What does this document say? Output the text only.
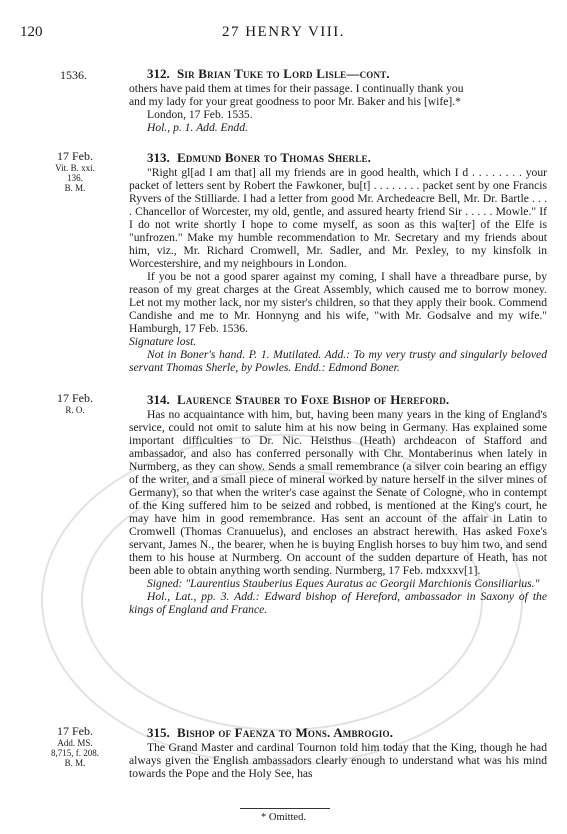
120	27 HENRY VIII.
1536.	312. Sir Brian Tuke to Lord Lisle—cont.
others have paid them at times for their passage. I continually thank you
and my lady for your great goodness to poor Mr. Baker and his [wife].*
London, 17 Feb. 1535.
Hol., p. 1. Add. Endd.
17 Feb.
Vit. B. xxi.
136.
B. M.
313. Edmund Boner to Thomas Sherle.

"Right gl[ad I am that] all my friends are in good health, which I d . . . . . . . . your packet of letters sent by Robert the Fawkoner, bu[t] . . . . . . . . packet sent by one Francis Ryvers of the Stilliarde. I had a letter from good Mr. Archedeacre Bell, Mr. Dr. Bartle . . . . Chancellor of Worcester, my old, gentle, and assured hearty friend Sir . . . . . Mowle." If I do not write shortly I hope to come myself, as soon as this wa[ter] of the Elfe is "unfrozen." Make my humble recommendation to Mr. Secretary and my friends about him, viz., Mr. Richard Cromwell, Mr. Sadler, and Mr. Pexley, to my kinsfolk in Worcestershire, and my neighbours in London.

If you be not a good sparer against my coming, I shall have a threadbare purse, by reason of my great charges at the Great Assembly, which caused me to borrow money. Let not my mother lack, nor my sister's children, so that they apply their book. Commend Candishe and me to Mr. Honnyng and his wife, "with Mr. Godsalve and my wife." Hamburgh, 17 Feb. 1536.

Signature lost.
Not in Boner's hand. P. 1. Mutilated. Add.: To my very trusty and singularly beloved servant Thomas Sherle, by Powles. Endd.: Edmond Boner.
17 Feb.
R. O.
314. Laurence Stauber to Foxe Bishop of Hereford.

Has no acquaintance with him, but, having been many years in the king of England's service, could not omit to salute him at his now being in Germany. Has explained some important difficulties to Dr. Nic. Heisthus (Heath) archdeacon of Stafford and ambassador, and also has conferred personally with Chr. Montaberinus when lately in Nurmberg, as they can show. Sends a small remembrance (a silver coin bearing an effigy of the writer, and a small piece of mineral worked by nature herself in the silver mines of Germany), so that when the writer's case against the Senate of Cologne, who in contempt of the King suffered him to be seized and robbed, is mentioned at the King's court, he may have him in good remembrance. Has sent an account of the affair in Latin to Cromwell (Thomas Cranuuelus), and encloses an abstract herewith. Has asked Foxe's servant, James N., the bearer, when he is buying English horses to buy him two, and send them to his house at Nurmberg. On account of the sudden departure of Heath, has not been able to obtain anything worth sending. Nurmberg, 17 Feb. mdxxxv[1].

Signed: "Laurentius Stauberius Eques Auratus ac Georgii Marchionis Consiliarius."
Hol., Lat., pp. 3. Add.: Edward bishop of Hereford, ambassador in Saxony of the kings of England and France.
17 Feb.
Add. MS.
8,715, f. 208.
B. M.
315. Bishop of Faenza to Mons. Ambrogio.

The Grand Master and cardinal Tournon told him today that the King, though he had always given the English ambassadors clearly enough to understand what was his mind towards the Pope and the Holy See, has

* Omitted.
